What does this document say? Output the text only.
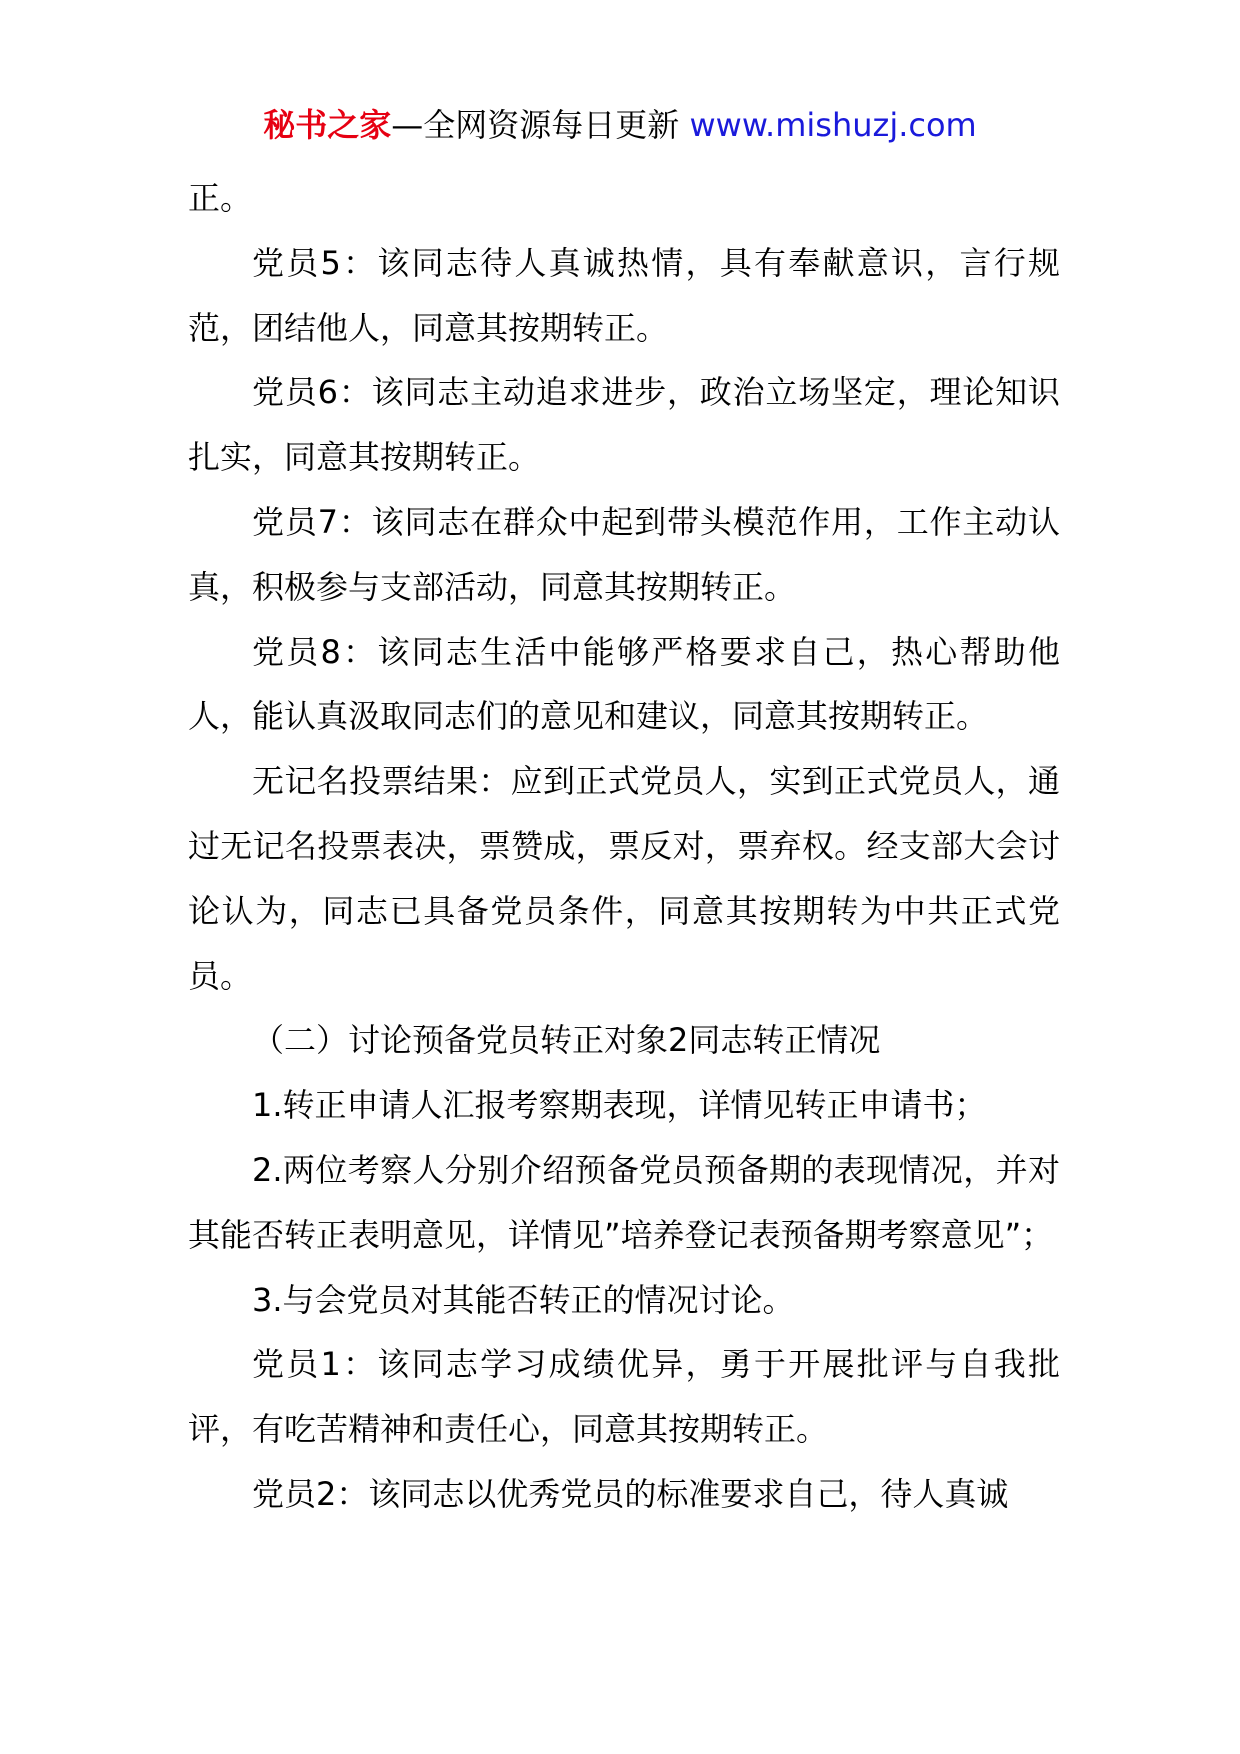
秘书之家—全网资源每日更新 www.mishuzj.com

正。

党员5：该同志待人真诚热情，具有奉献意识，言行规范，团结他人，同意其按期转正。

党员6：该同志主动追求进步，政治立场坚定，理论知识扎实，同意其按期转正。

党员7：该同志在群众中起到带头模范作用，工作主动认真，积极参与支部活动，同意其按期转正。

党员8：该同志生活中能够严格要求自己，热心帮助他人，能认真汲取同志们的意见和建议，同意其按期转正。

无记名投票结果：应到正式党员人，实到正式党员人，通过无记名投票表决，票赞成，票反对，票弃权。经支部大会讨论认为，同志已具备党员条件，同意其按期转为中共正式党员。

（二）讨论预备党员转正对象2同志转正情况

1.转正申请人汇报考察期表现，详情见转正申请书；

2.两位考察人分别介绍预备党员预备期的表现情况，并对其能否转正表明意见，详情见”培养登记表预备期考察意见”；

3.与会党员对其能否转正的情况讨论。

党员1：该同志学习成绩优异，勇于开展批评与自我批评，有吃苦精神和责任心，同意其按期转正。

党员2：该同志以优秀党员的标准要求自己，待人真诚
